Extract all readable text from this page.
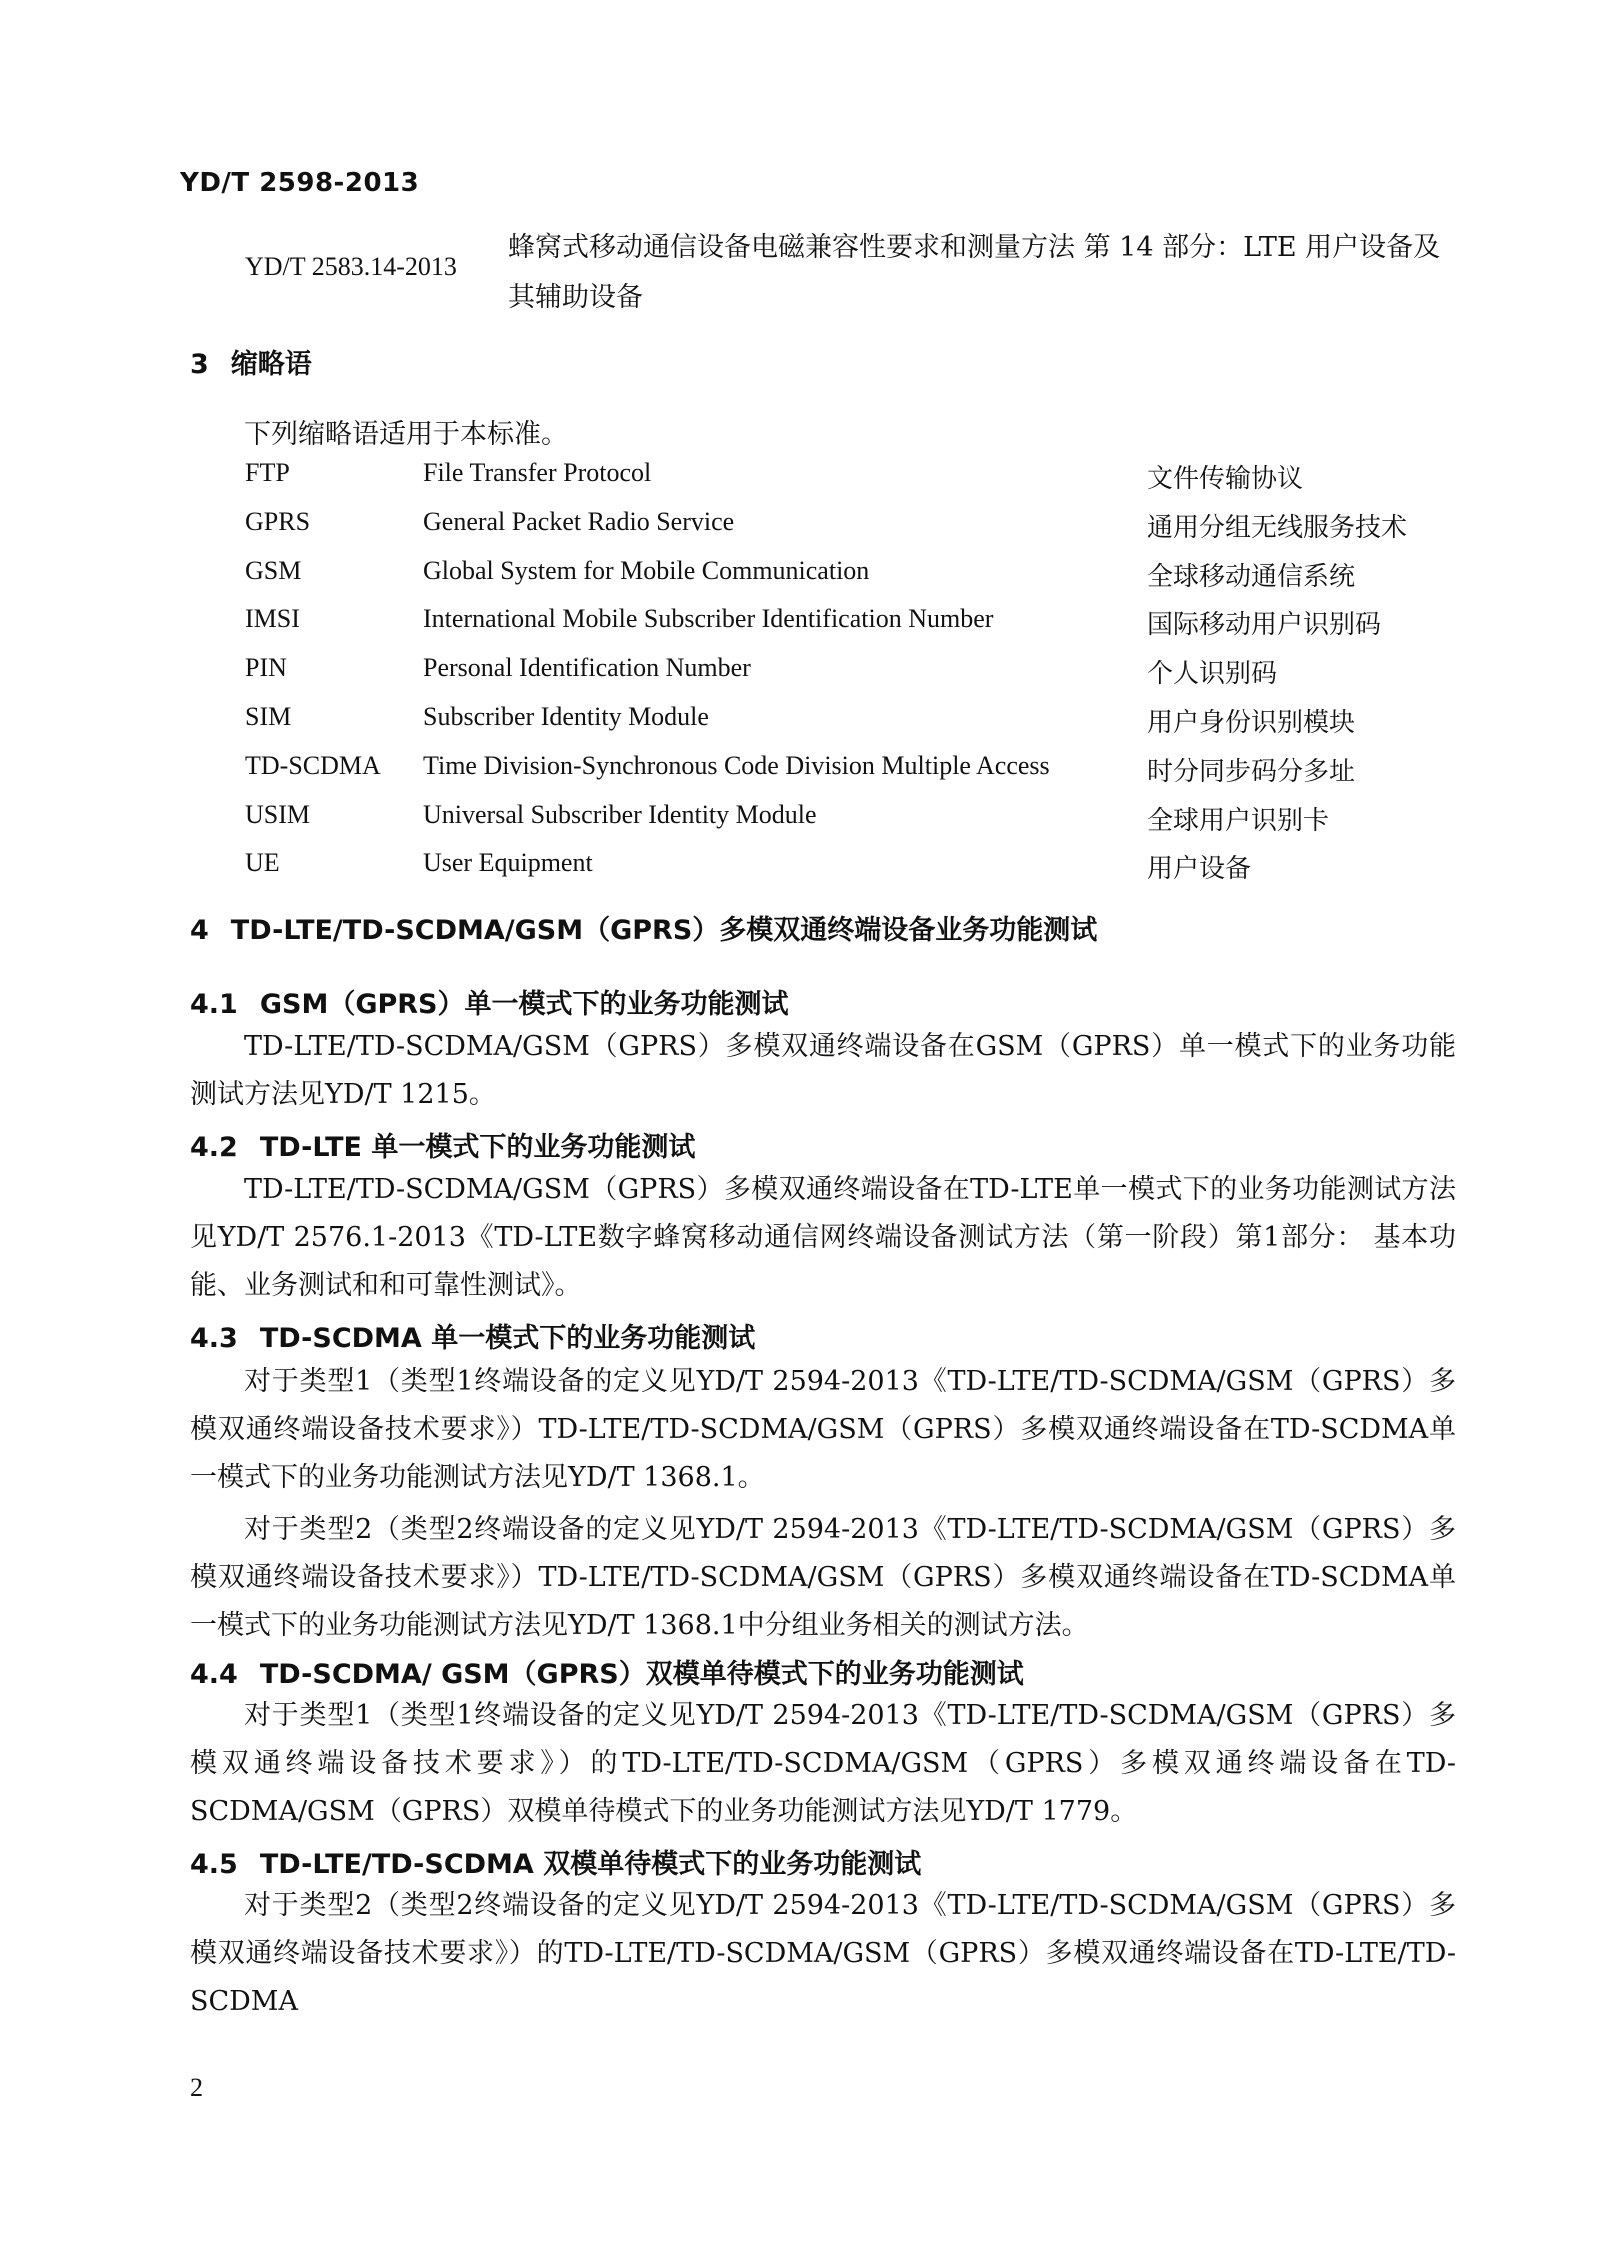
YD/T 2598-2013
YD/T 2583.14-2013
蜂窝式移动通信设备电磁兼容性要求和测量方法 第 14 部分：LTE 用户设备及其辅助设备
3 缩略语
下列缩略语适用于本标准。
FTP	File Transfer Protocol	文件传输协议
GPRS	General Packet Radio Service	通用分组无线服务技术
GSM	Global System for Mobile Communication	全球移动通信系统
IMSI	International Mobile Subscriber Identification Number	国际移动用户识别码
PIN	Personal Identification Number	个人识别码
SIM	Subscriber Identity Module	用户身份识别模块
TD-SCDMA Time Division-Synchronous Code Division Multiple Access	时分同步码分多址
USIM	Universal Subscriber Identity Module	全球用户识别卡
UE	User Equipment	用户设备
4 TD-LTE/TD-SCDMA/GSM（GPRS）多模双通终端设备业务功能测试
4.1 GSM（GPRS）单一模式下的业务功能测试
TD-LTE/TD-SCDMA/GSM（GPRS）多模双通终端设备在GSM（GPRS）单一模式下的业务功能测试方法见YD/T 1215。
4.2 TD-LTE 单一模式下的业务功能测试
TD-LTE/TD-SCDMA/GSM（GPRS）多模双通终端设备在TD-LTE单一模式下的业务功能测试方法见YD/T 2576.1-2013《TD-LTE数字蜂窝移动通信网终端设备测试方法（第一阶段）第1部分： 基本功能、业务测试和和可靠性测试》。
4.3 TD-SCDMA 单一模式下的业务功能测试
对于类型1（类型1终端设备的定义见YD/T 2594-2013《TD-LTE/TD-SCDMA/GSM（GPRS）多模双通终端设备技术要求》）TD-LTE/TD-SCDMA/GSM（GPRS）多模双通终端设备在TD-SCDMA单一模式下的业务功能测试方法见YD/T 1368.1。
对于类型2（类型2终端设备的定义见YD/T 2594-2013《TD-LTE/TD-SCDMA/GSM（GPRS）多模双通终端设备技术要求》）TD-LTE/TD-SCDMA/GSM（GPRS）多模双通终端设备在TD-SCDMA单一模式下的业务功能测试方法见YD/T 1368.1中分组业务相关的测试方法。
4.4 TD-SCDMA/ GSM（GPRS）双模单待模式下的业务功能测试
对于类型1（类型1终端设备的定义见YD/T 2594-2013《TD-LTE/TD-SCDMA/GSM（GPRS）多模双通终端设备技术要求》）的TD-LTE/TD-SCDMA/GSM（GPRS）多模双通终端设备在TD-SCDMA/GSM（GPRS）双模单待模式下的业务功能测试方法见YD/T 1779。
4.5 TD-LTE/TD-SCDMA 双模单待模式下的业务功能测试
对于类型2（类型2终端设备的定义见YD/T 2594-2013《TD-LTE/TD-SCDMA/GSM（GPRS）多模双通终端设备技术要求》）的TD-LTE/TD-SCDMA/GSM（GPRS）多模双通终端设备在TD-LTE/TD-SCDMA
2
